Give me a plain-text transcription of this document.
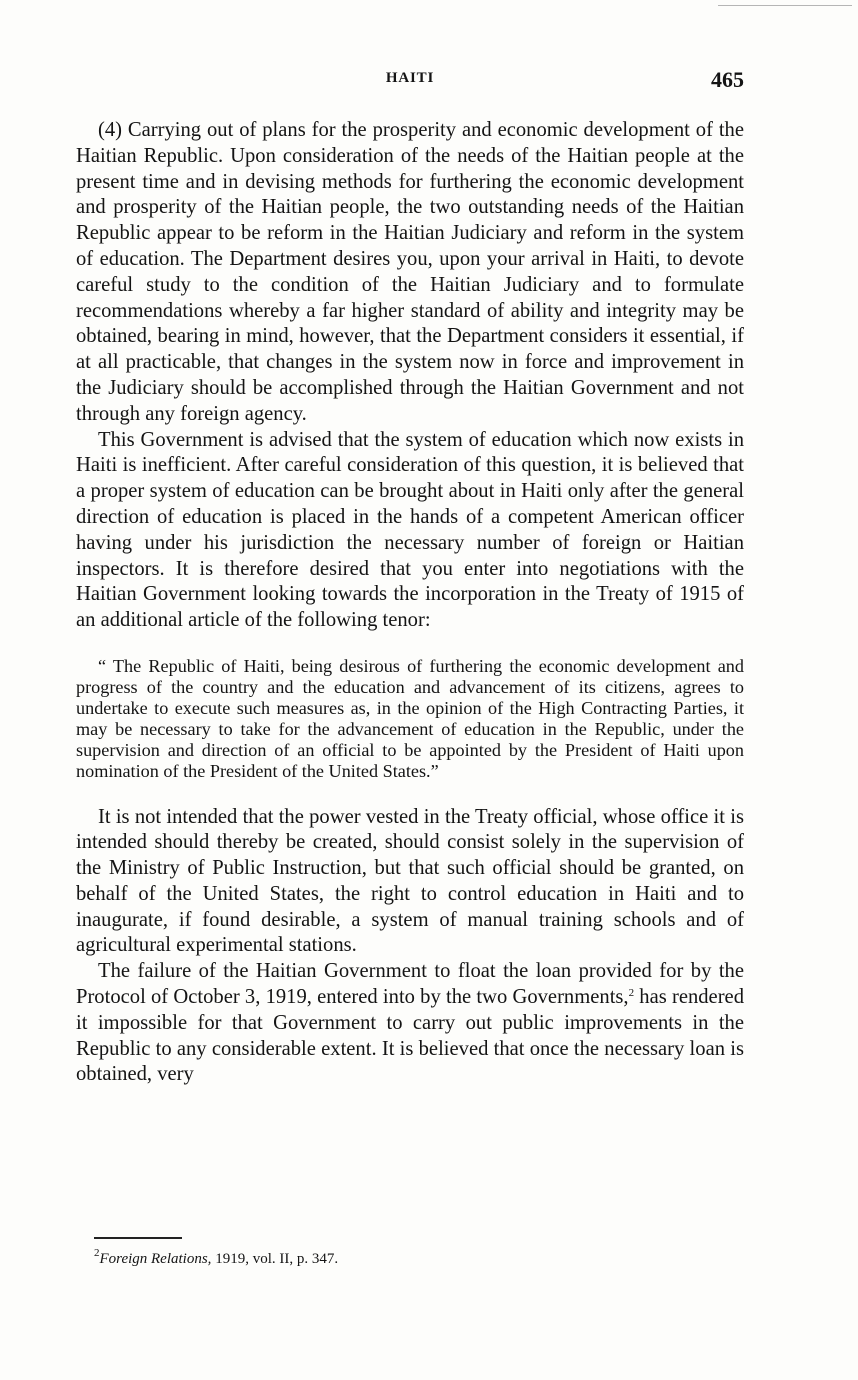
HAITI	465

(4) Carrying out of plans for the prosperity and economic development of the Haitian Republic. Upon consideration of the needs of the Haitian people at the present time and in devising methods for furthering the economic development and prosperity of the Haitian people, the two outstanding needs of the Haitian Republic appear to be reform in the Haitian Judiciary and reform in the system of education. The Department desires you, upon your arrival in Haiti, to devote careful study to the condition of the Haitian Judiciary and to formulate recommendations whereby a far higher standard of ability and integrity may be obtained, bearing in mind, however, that the Department considers it essential, if at all practicable, that changes in the system now in force and improvement in the Judiciary should be accomplished through the Haitian Government and not through any foreign agency.

This Government is advised that the system of education which now exists in Haiti is inefficient. After careful consideration of this question, it is believed that a proper system of education can be brought about in Haiti only after the general direction of education is placed in the hands of a competent American officer having under his jurisdiction the necessary number of foreign or Haitian inspectors. It is therefore desired that you enter into negotiations with the Haitian Government looking towards the incorporation in the Treaty of 1915 of an additional article of the following tenor:

“ The Republic of Haiti, being desirous of furthering the economic development and progress of the country and the education and advancement of its citizens, agrees to undertake to execute such measures as, in the opinion of the High Contracting Parties, it may be necessary to take for the advancement of education in the Republic, under the supervision and direction of an official to be appointed by the President of Haiti upon nomination of the President of the United States.”

It is not intended that the power vested in the Treaty official, whose office it is intended should thereby be created, should consist solely in the supervision of the Ministry of Public Instruction, but that such official should be granted, on behalf of the United States, the right to control education in Haiti and to inaugurate, if found desirable, a system of manual training schools and of agricultural experimental stations.

The failure of the Haitian Government to float the loan provided for by the Protocol of October 3, 1919, entered into by the two Governments,$^2$ has rendered it impossible for that Government to carry out public improvements in the Republic to any considerable extent. It is believed that once the necessary loan is obtained, very

$^2$Foreign Relations, 1919, vol. II, p. 347.
